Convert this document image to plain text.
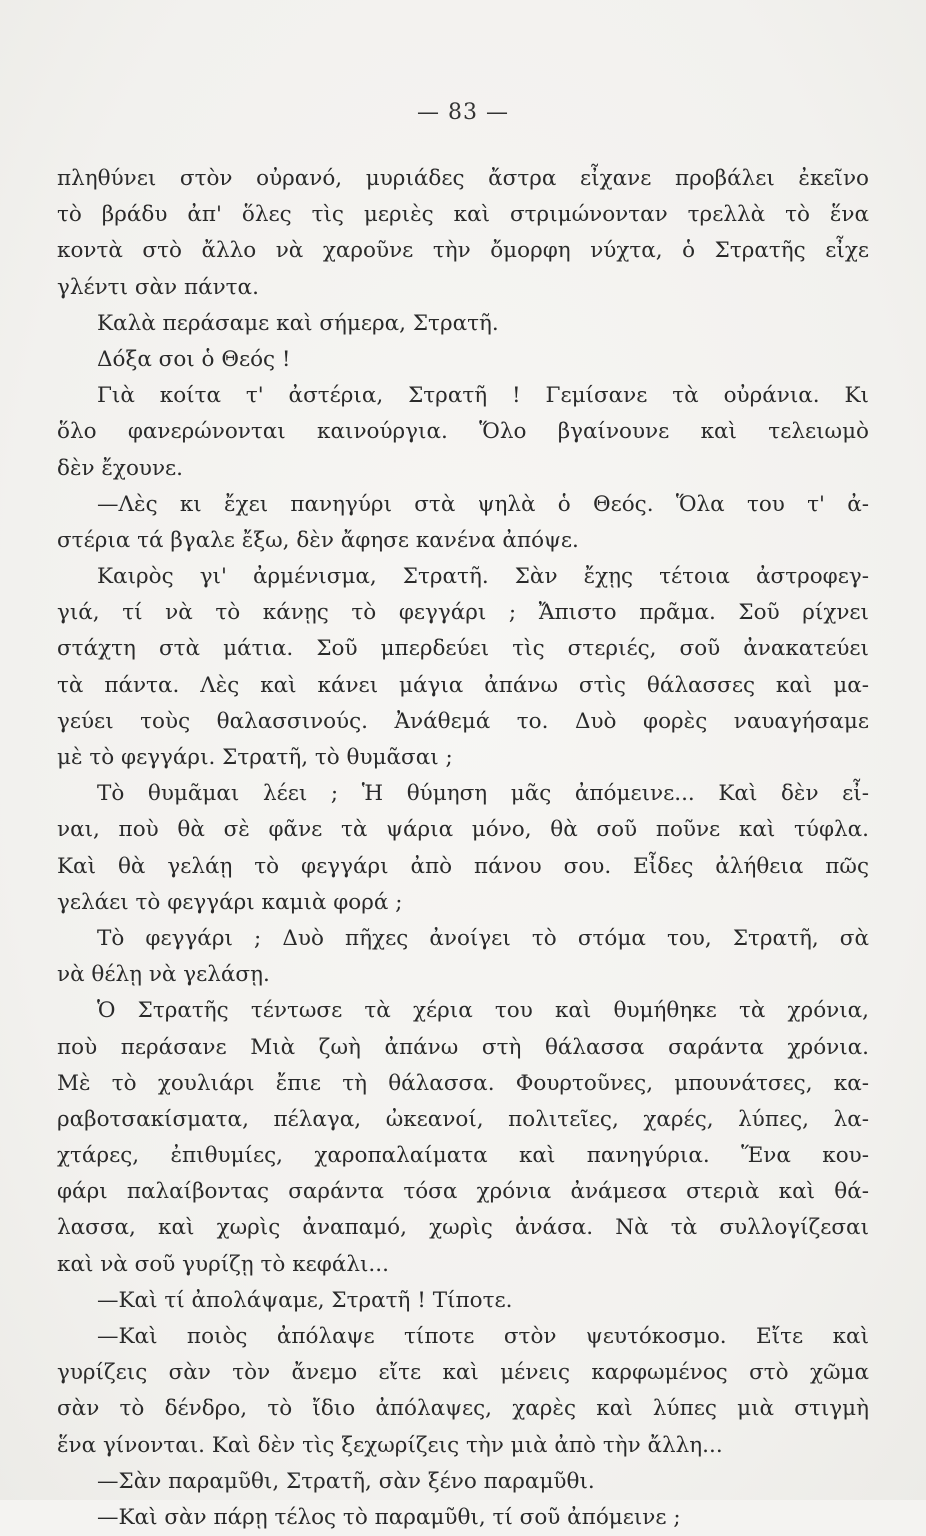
— 83 —
πληθύνει στὸν οὐρανό, μυριάδες ἄστρα εἶχανε προβάλει ἐκεῖνο
τὸ βράδυ ἀπ' ὅλες τὶς μεριὲς καὶ στριμώνονταν τρελλὰ τὸ ἕνα
κοντὰ στὸ ἄλλο νὰ χαροῦνε τὴν ὄμορφη νύχτα, ὁ Στρατῆς εἶχε
γλέντι σὰν πάντα.
Καλὰ περάσαμε καὶ σήμερα, Στρατῆ.
Δόξα σοι ὁ Θεός !
Γιὰ κοίτα τ' ἀστέρια, Στρατῆ ! Γεμίσανε τὰ οὐράνια. Κι
ὅλο φανερώνονται καινούργια. Ὅλο βγαίνουνε καὶ τελειωμὸ
δὲν ἔχουνε.
—Λὲς κι ἔχει πανηγύρι στὰ ψηλὰ ὁ Θεός. Ὅλα του τ' ἀ-
στέρια τά βγαλε ἔξω, δὲν ἄφησε κανένα ἀπόψε.
Καιρὸς γι' ἀρμένισμα, Στρατῆ. Σὰν ἔχῃς τέτοια ἀστροφεγ-
γιά, τί νὰ τὸ κάνῃς τὸ φεγγάρι ; Ἄπιστο πρᾶμα. Σοῦ ρίχνει
στάχτη στὰ μάτια. Σοῦ μπερδεύει τὶς στεριές, σοῦ ἀνακατεύει
τὰ πάντα. Λὲς καὶ κάνει μάγια ἀπάνω στὶς θάλασσες καὶ μα-
γεύει τοὺς θαλασσινούς. Ἀνάθεμά το. Δυὸ φορὲς ναυαγήσαμε
μὲ τὸ φεγγάρι. Στρατῆ, τὸ θυμᾶσαι ;
Τὸ θυμᾶμαι λέει ; Ἡ θύμηση μᾶς ἀπόμεινε... Καὶ δὲν εἶ-
ναι, ποὺ θὰ σὲ φᾶνε τὰ ψάρια μόνο, θὰ σοῦ ποῦνε καὶ τύφλα.
Καὶ θὰ γελάῃ τὸ φεγγάρι ἀπὸ πάνου σου. Εἶδες ἀλήθεια πῶς
γελάει τὸ φεγγάρι καμιὰ φορά ;
Τὸ φεγγάρι ; Δυὸ πῆχες ἀνοίγει τὸ στόμα του, Στρατῆ, σὰ
νὰ θέλῃ νὰ γελάσῃ.
Ὁ Στρατῆς τέντωσε τὰ χέρια του καὶ θυμήθηκε τὰ χρόνια,
ποὺ περάσανε Μιὰ ζωὴ ἀπάνω στὴ θάλασσα σαράντα χρόνια.
Μὲ τὸ χουλιάρι ἔπιε τὴ θάλασσα. Φουρτοῦνες, μπουνάτσες, κα-
ραβοτσακίσματα, πέλαγα, ὠκεανοί, πολιτεῖες, χαρές, λύπες, λα-
χτάρες, ἐπιθυμίες, χαροπαλαίματα καὶ πανηγύρια. Ἕνα κου-
φάρι παλαίβοντας σαράντα τόσα χρόνια ἀνάμεσα στεριὰ καὶ θά-
λασσα, καὶ χωρὶς ἀναπαμό, χωρὶς ἀνάσα. Νὰ τὰ συλλογίζεσαι
καὶ νὰ σοῦ γυρίζῃ τὸ κεφάλι...
—Καὶ τί ἀπολάψαμε, Στρατῆ ! Τίποτε.
—Καὶ ποιὸς ἀπόλαψε τίποτε στὸν ψευτόκοσμο. Εἴτε καὶ
γυρίζεις σὰν τὸν ἄνεμο εἴτε καὶ μένεις καρφωμένος στὸ χῶμα
σὰν τὸ δένδρο, τὸ ἴδιο ἀπόλαψες, χαρὲς καὶ λύπες μιὰ στιγμὴ
ἕνα γίνονται. Καὶ δὲν τὶς ξεχωρίζεις τὴν μιὰ ἀπὸ τὴν ἄλλη...
—Σὰν παραμῦθι, Στρατῆ, σὰν ξένο παραμῦθι.
—Καὶ σὰν πάρῃ τέλος τὸ παραμῦθι, τί σοῦ ἀπόμεινε ;
